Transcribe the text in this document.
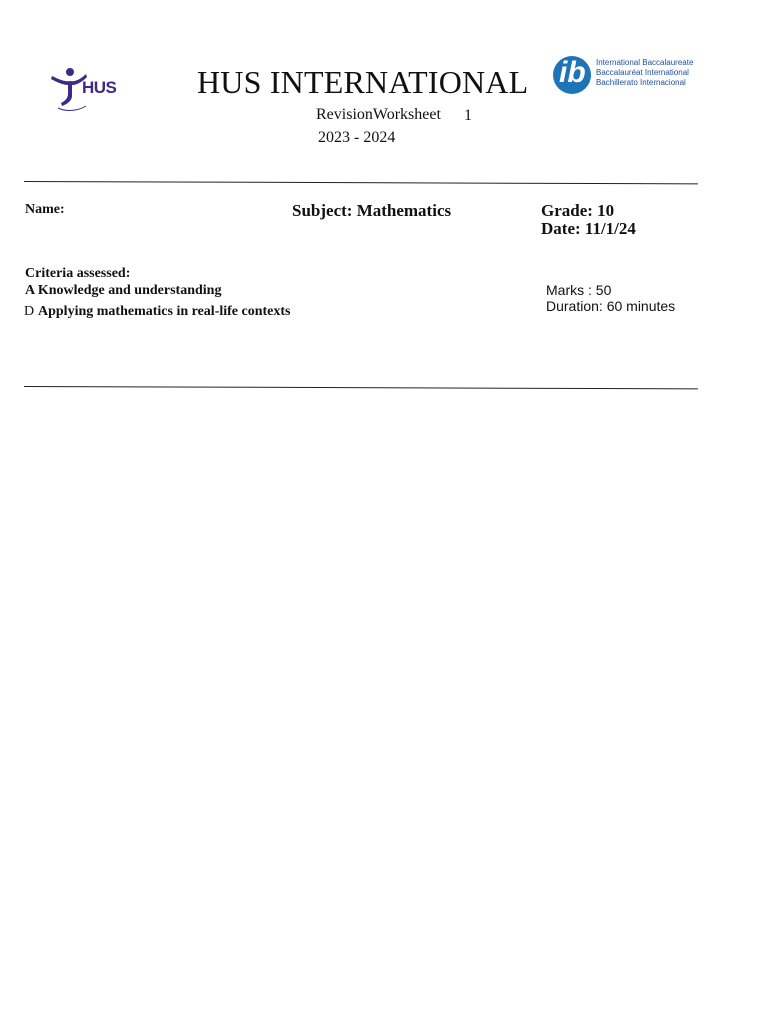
HUS	HUS INTERNATIONAL
RevisionWorksheet 1
2023 - 2024
ib International Baccalaureate
Baccalauréat International
Bachillerato Internacional
Name:	Subject: Mathematics	Grade: 10
Date: 11/1/24
Criteria assessed:
A Knowledge and understanding
D Applying mathematics in real-life contexts
Marks : 50
Duration: 60 minutes
